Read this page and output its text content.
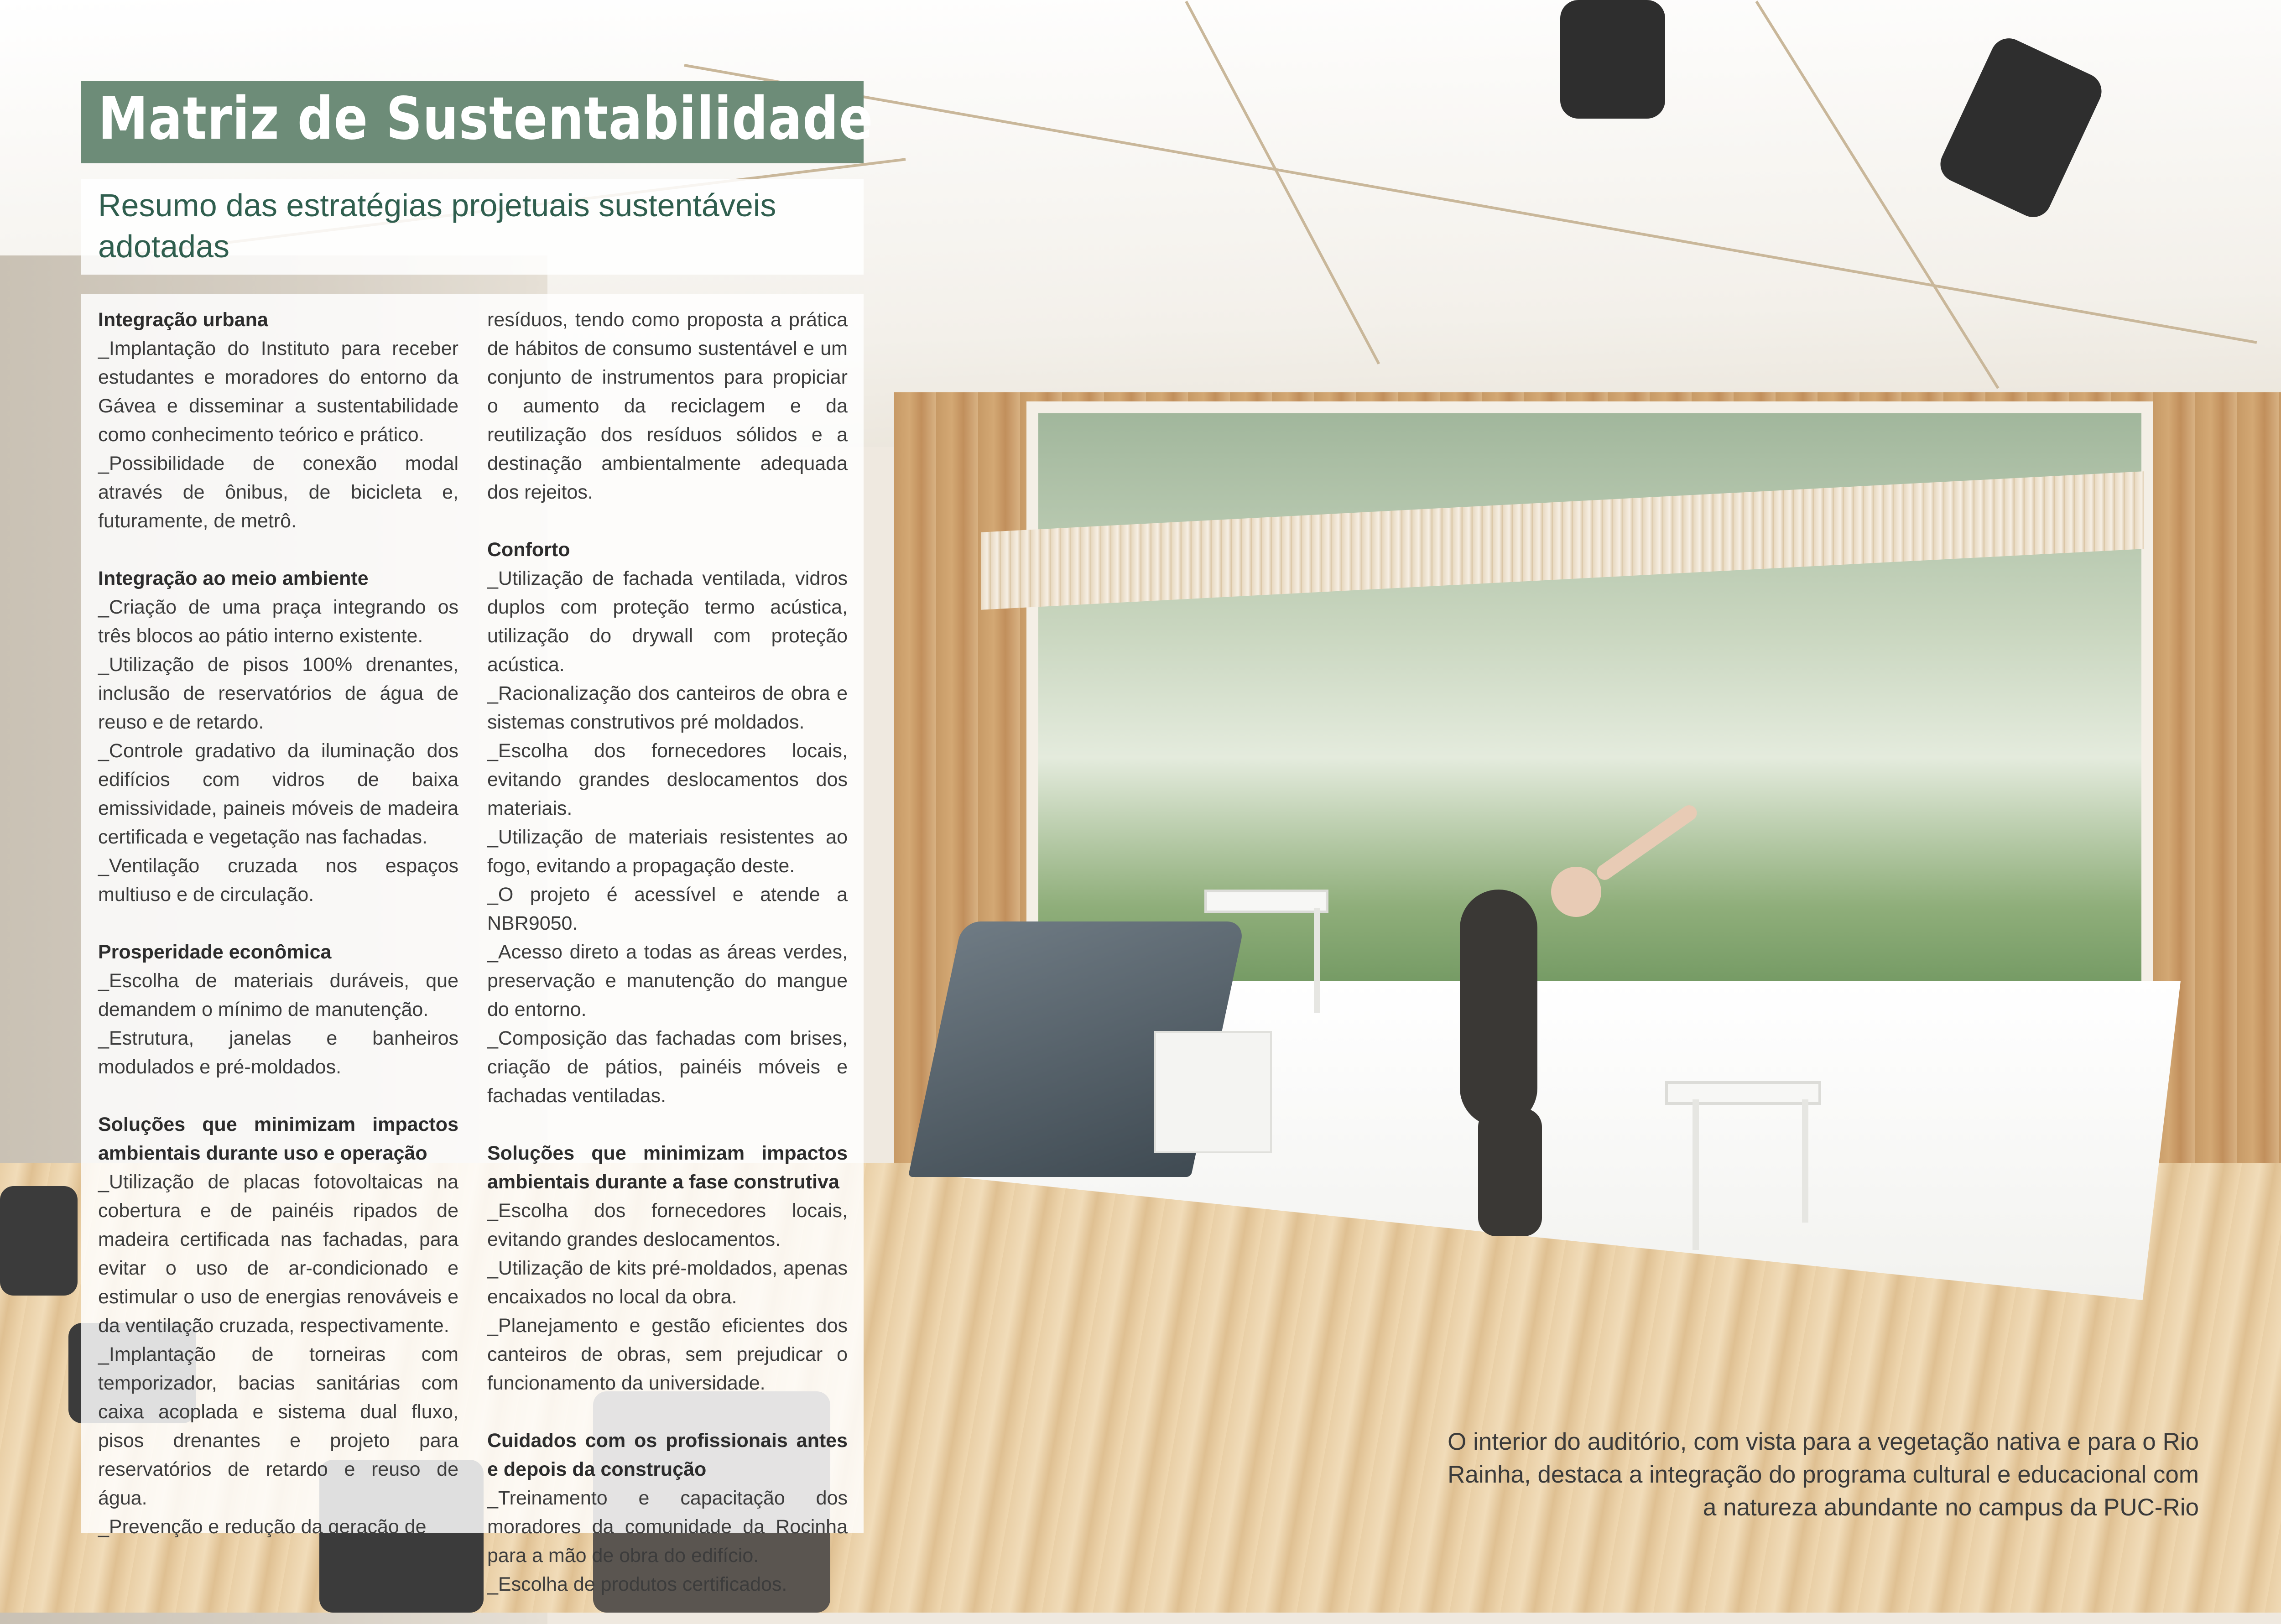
Matriz de Sustentabilidade

Resumo das estratégias projetuais sustentáveis adotadas

Integração urbana
_Implantação do Instituto para receber estudantes e moradores do entorno da Gávea e disseminar a sustentabilidade como conhecimento teórico e prático.
_Possibilidade de conexão modal através de ônibus, de bicicleta e, futuramente, de metrô.
Integração ao meio ambiente
_Criação de uma praça integrando os três blocos ao pátio interno existente.
_Utilização de pisos 100% drenantes, inclusão de reservatórios de água de reuso e de retardo.
_Controle gradativo da iluminação dos edifícios com vidros de baixa emissividade, paineis móveis de madeira certificada e vegetação nas fachadas.
_Ventilação cruzada nos espaços multiuso e de circulação.
Prosperidade econômica
_Escolha de materiais duráveis, que demandem o mínimo de manutenção.
_Estrutura, janelas e banheiros modulados e pré-moldados.
Soluções que minimizam impactos ambientais durante uso e operação
_Utilização de placas fotovoltaicas na cobertura e de painéis ripados de madeira certificada nas fachadas, para evitar o uso de ar-condicionado e estimular o uso de energias renováveis e da ventilação cruzada, respectivamente.
_Implantação de torneiras com temporizador, bacias sanitárias com caixa acoplada e sistema dual fluxo, pisos drenantes e projeto para reservatórios de retardo e reuso de água.
_Prevenção e redução da geração de
resíduos, tendo como proposta a prática de hábitos de consumo sustentável e um conjunto de instrumentos para propiciar o aumento da reciclagem e da reutilização dos resíduos sólidos e a destinação ambientalmente adequada dos rejeitos.
Conforto
_Utilização de fachada ventilada, vidros duplos com proteção termo acústica, utilização do drywall com proteção acústica.
_Racionalização dos canteiros de obra e sistemas construtivos pré moldados.
_Escolha dos fornecedores locais, evitando grandes deslocamentos dos materiais.
_Utilização de materiais resistentes ao fogo, evitando a propagação deste.
_O projeto é acessível e atende a NBR9050.
_Acesso direto a todas as áreas verdes, preservação e manutenção do mangue do entorno.
_Composição das fachadas com brises, criação de pátios, painéis móveis e fachadas ventiladas.
Soluções que minimizam impactos ambientais durante a fase construtiva
_Escolha dos fornecedores locais, evitando grandes deslocamentos.
_Utilização de kits pré-moldados, apenas encaixados no local da obra.
_Planejamento e gestão eficientes dos canteiros de obras, sem prejudicar o funcionamento da universidade.
Cuidados com os profissionais antes e depois da construção
_Treinamento e capacitação dos moradores da comunidade da Rocinha para a mão de obra do edifício.
_Escolha de produtos certificados.

O interior do auditório, com vista para a vegetação nativa e para o Rio Rainha, destaca a integração do programa cultural e educacional com a natureza abundante no campus da PUC-Rio
